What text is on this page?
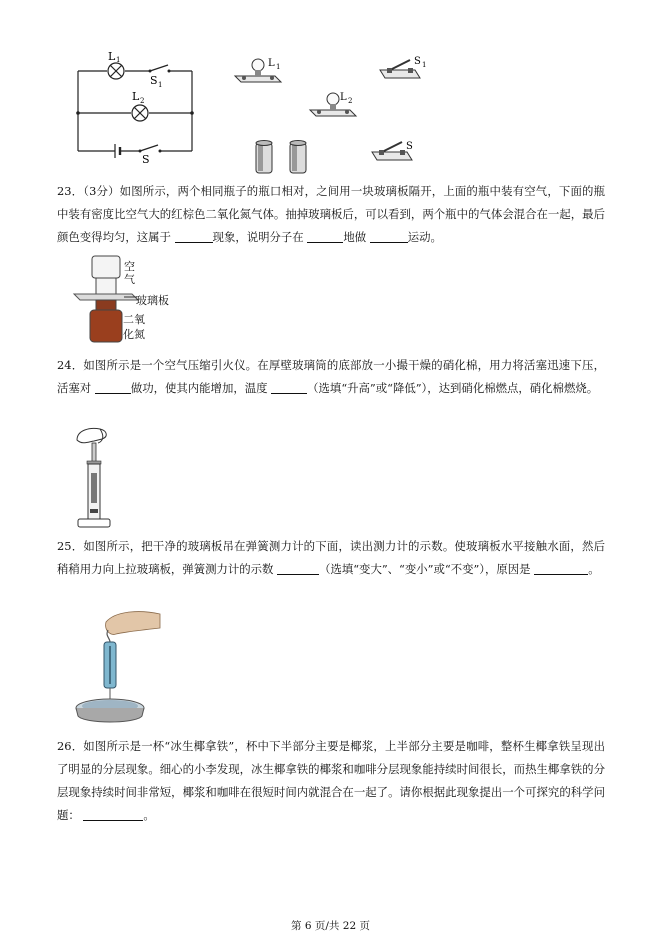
L 1
S 1
L 2
S
L 1
L 2
S 1
S
23．（3分）如图所示，两个相同瓶子的瓶口相对，之间用一块玻璃板隔开，上面的瓶中装有空气，下面的瓶中装有密度比空气大的红棕色二氧化氮气体。抽掉玻璃板后，可以看到，两个瓶中的气体会混合在一起，最后颜色变得均匀，这属于	现象，说明分子在	地做	运动。
空气
玻璃板
二氧
化氮
24．如图所示是一个空气压缩引火仪。在厚壁玻璃筒的底部放一小撮干燥的硝化棉，用力将活塞迅速下压，活塞对	做功，使其内能增加，温度	（选填“升高”或“降低”），达到硝化棉燃点，硝化棉燃烧。
25．如图所示，把干净的玻璃板吊在弹簧测力计的下面，读出测力计的示数。使玻璃板水平接触水面，然后稍稍用力向上拉玻璃板，弹簧测力计的示数	（选填“变大”、“变小”或“不变”），原因是	。
26．如图所示是一杯“冰生椰拿铁”，杯中下半部分主要是椰浆，上半部分主要是咖啡，整杯生椰拿铁呈现出了明显的分层现象。细心的小李发现，冰生椰拿铁的椰浆和咖啡分层现象能持续时间很长，而热生椰拿铁的分层现象持续时间非常短，椰浆和咖啡在很短时间内就混合在一起了。请你根据此现象提出一个可探究的科学问题：	。
第 6 页/共 22 页
